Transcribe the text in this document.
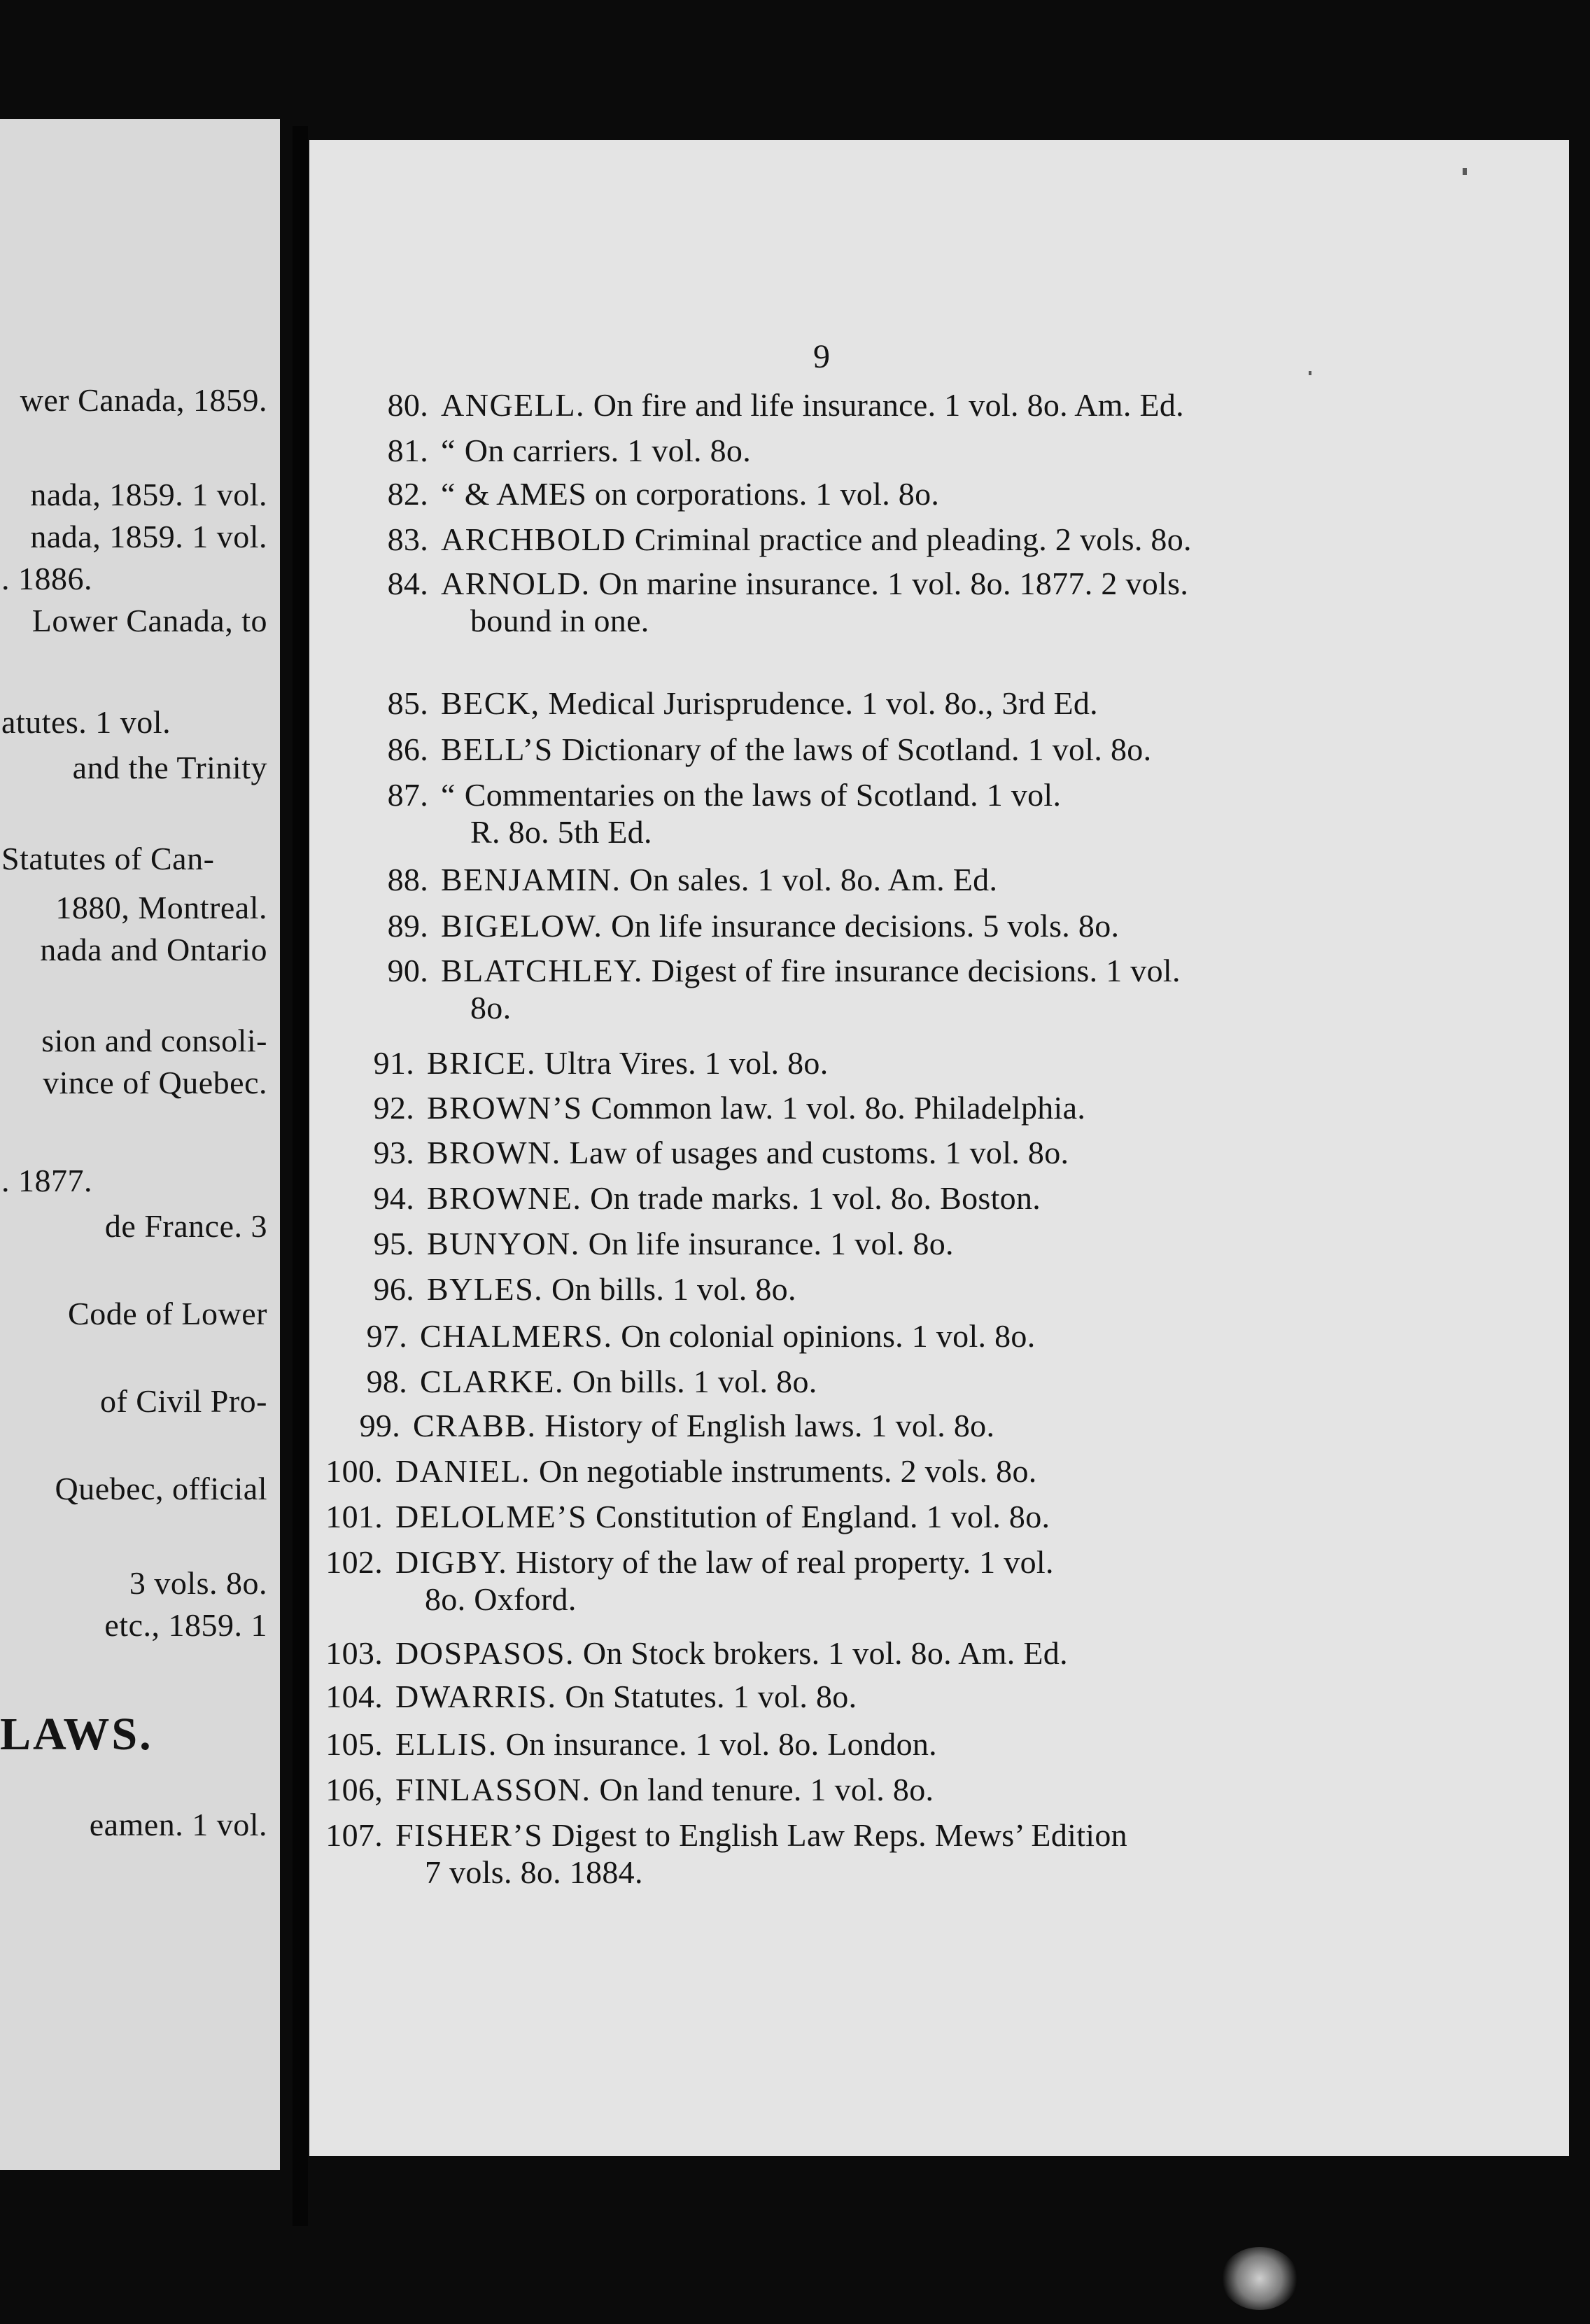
wer Canada, 1859.
nada, 1859. 1 vol.
nada, 1859. 1 vol.
. 1886.
Lower Canada, to
atutes. 1 vol.
and the Trinity
Statutes of Can-
1880, Montreal.
nada and Ontario
sion and consoli-
vince of Quebec.
. 1877.
de France. 3
Code of Lower
of Civil Pro-
Quebec, official
3 vols. 8o.
etc., 1859. 1
LAWS.
eamen. 1 vol.
9
80. ANGELL. On fire and life insurance. 1 vol. 8o. Am. Ed.
81. “ On carriers. 1 vol. 8o.
82. “ & AMES on corporations. 1 vol. 8o.
83. ARCHBOLD Criminal practice and pleading. 2 vols. 8o.
84. ARNOLD. On marine insurance. 1 vol. 8o. 1877. 2 vols.
bound in one.
85. BECK, Medical Jurisprudence. 1 vol. 8o., 3rd Ed.
86. BELL’S Dictionary of the laws of Scotland. 1 vol. 8o.
87. “ Commentaries on the laws of Scotland. 1 vol.
R. 8o. 5th Ed.
88. BENJAMIN. On sales. 1 vol. 8o. Am. Ed.
89. BIGELOW. On life insurance decisions. 5 vols. 8o.
90. BLATCHLEY. Digest of fire insurance decisions. 1 vol.
8o.
91. BRICE. Ultra Vires. 1 vol. 8o.
92. BROWN’S Common law. 1 vol. 8o. Philadelphia.
93. BROWN. Law of usages and customs. 1 vol. 8o.
94. BROWNE. On trade marks. 1 vol. 8o. Boston.
95. BUNYON. On life insurance. 1 vol. 8o.
96. BYLES. On bills. 1 vol. 8o.
97. CHALMERS. On colonial opinions. 1 vol. 8o.
98. CLARKE. On bills. 1 vol. 8o.
99. CRABB. History of English laws. 1 vol. 8o.
100. DANIEL. On negotiable instruments. 2 vols. 8o.
101. DELOLME’S Constitution of England. 1 vol. 8o.
102. DIGBY. History of the law of real property. 1 vol.
8o. Oxford.
103. DOSPASOS. On Stock brokers. 1 vol. 8o. Am. Ed.
104. DWARRIS. On Statutes. 1 vol. 8o.
105. ELLIS. On insurance. 1 vol. 8o. London.
106, FINLASSON. On land tenure. 1 vol. 8o.
107. FISHER’S Digest to English Law Reps. Mews’ Edition
7 vols. 8o. 1884.
